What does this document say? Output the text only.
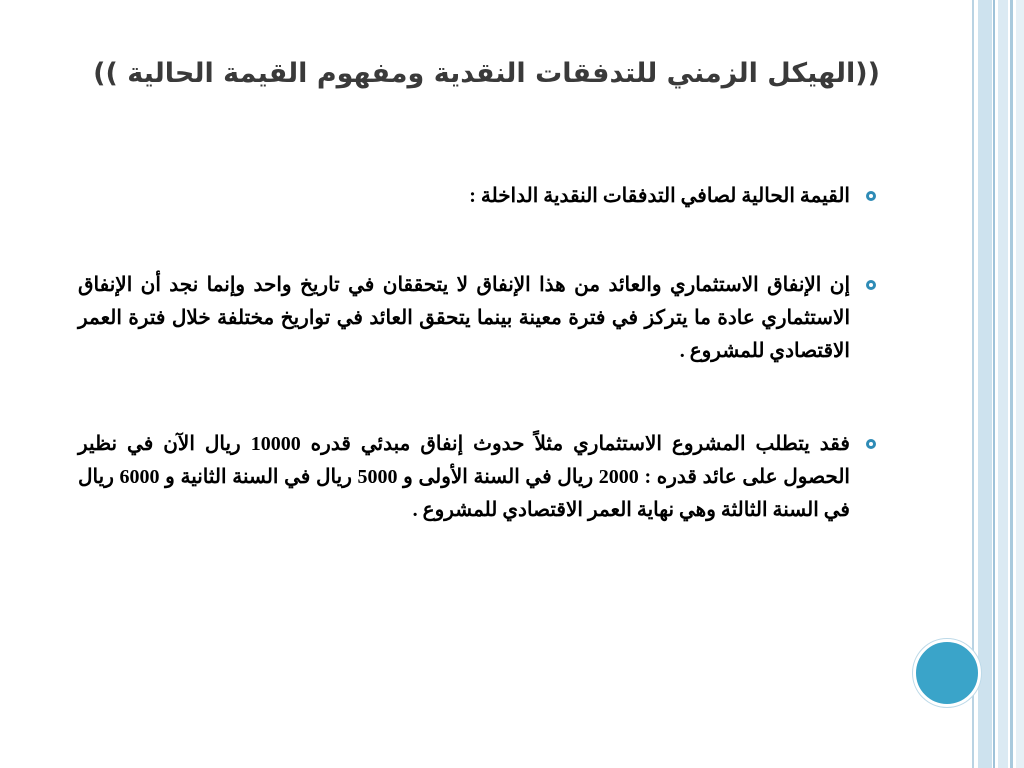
((الهيكل الزمني للتدفقات النقدية ومفهوم القيمة الحالية ))
القيمة الحالية لصافي التدفقات النقدية الداخلة :
إن الإنفاق الاستثماري والعائد من هذا الإنفاق لا يتحققان في تاريخ واحد وإنما نجد أن الإنفاق الاستثماري عادة ما يتركز في فترة معينة بينما يتحقق العائد في تواريخ مختلفة خلال فترة العمر الاقتصادي للمشروع .
فقد يتطلب المشروع الاستثماري مثلاً حدوث إنفاق مبدئي قدره 10000 ريال الآن في نظير الحصول على عائد قدره : 2000 ريال في السنة الأولى و 5000 ريال في السنة الثانية و 6000 ريال في السنة الثالثة وهي نهاية العمر الاقتصادي للمشروع .
